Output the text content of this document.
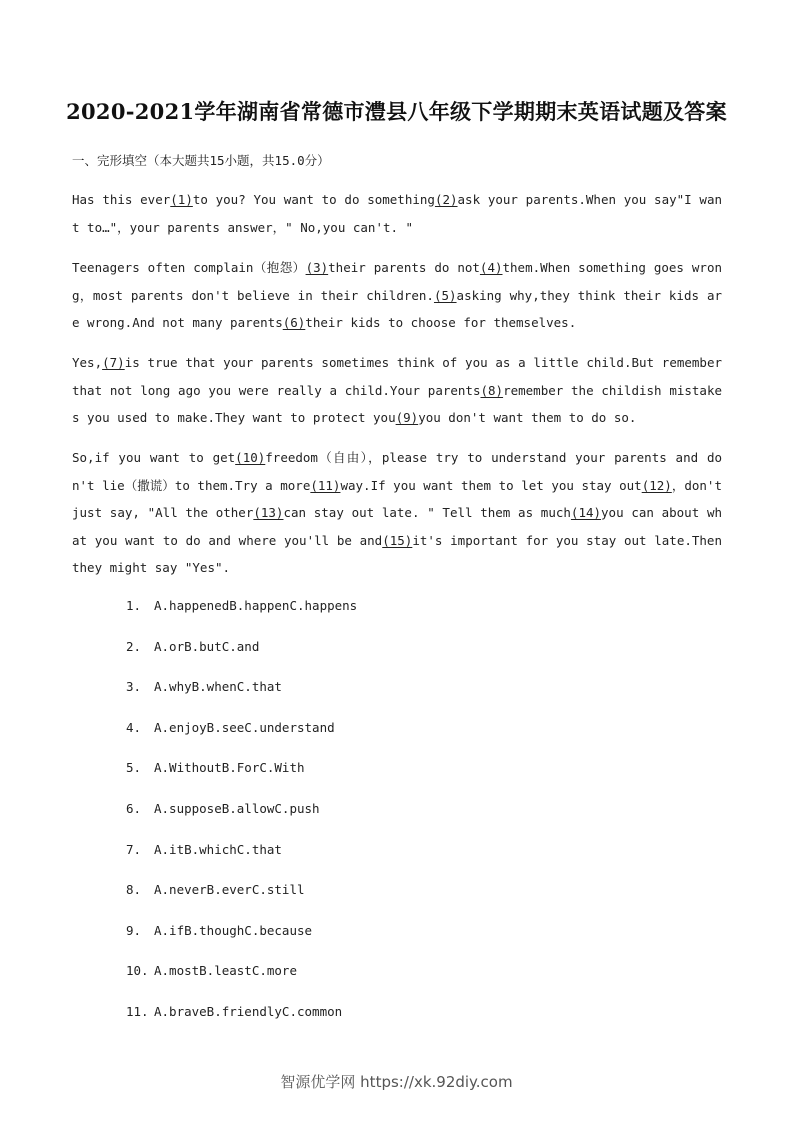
2020-2021学年湖南省常德市澧县八年级下学期期末英语试题及答案
一、完形填空（本大题共15小题，共15.0分）
Has this ever(1)to you? You want to do something(2)ask your parents.When you say"I want to…"，your parents answer，" No,you can't. "
Teenagers often complain（抱怨）(3)their parents do not(4)them.When something goes wrong，most parents don't believe in their children.(5)asking why,they think their kids are wrong.And not many parents(6)their kids to choose for themselves.
Yes,(7)is true that your parents sometimes think of you as a little child.But remember that not long ago you were really a child.Your parents(8)remember the childish mistakes you used to make.They want to protect you(9)you don't want them to do so.
So,if you want to get(10)freedom（自由），please try to understand your parents and don't lie（撒谎）to them.Try a more(11)way.If you want them to let you stay out(12)，don't just say, "All the other(13)can stay out late. " Tell them as much(14)you can about what you want to do and where you'll be and(15)it's important for you stay out late.Then they might say "Yes".
1. A.happenedB.happenC.happens
2. A.orB.butC.and
3. A.whyB.whenC.that
4. A.enjoyB.seeC.understand
5. A.WithoutB.ForC.With
6. A.supposeB.allowC.push
7. A.itB.whichC.that
8. A.neverB.everC.still
9. A.ifB.thoughC.because
10. A.mostB.leastC.more
11. A.braveB.friendlyC.common
智源优学网 https://xk.92diy.com
